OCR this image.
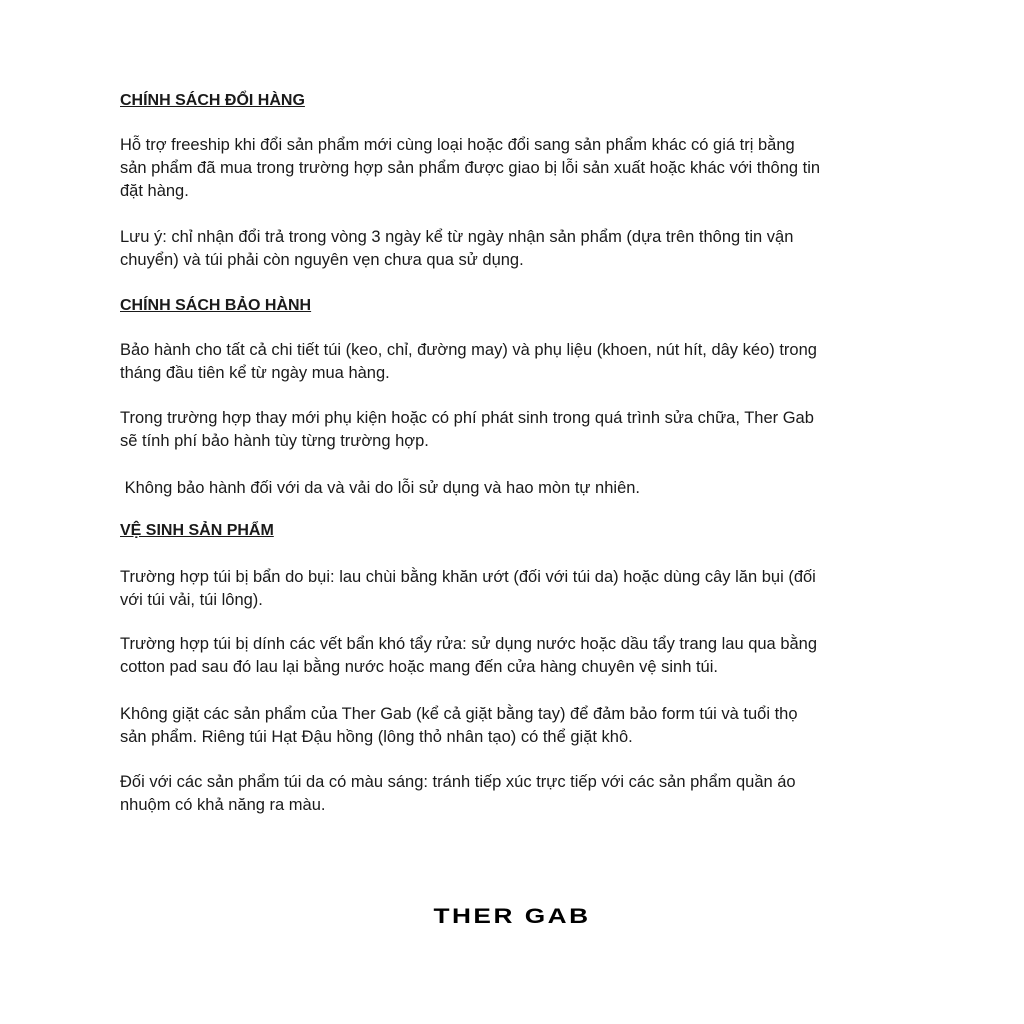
CHÍNH SÁCH ĐỔI HÀNG
Hỗ trợ freeship khi đổi sản phẩm mới cùng loại hoặc đổi sang sản phẩm khác có giá trị bằng
sản phẩm đã mua trong trường hợp sản phẩm được giao bị lỗi sản xuất hoặc khác với thông tin
đặt hàng.
Lưu ý: chỉ nhận đổi trả trong vòng 3 ngày kể từ ngày nhận sản phẩm (dựa trên thông tin vận
chuyển) và túi phải còn nguyên vẹn chưa qua sử dụng.
CHÍNH SÁCH BẢO HÀNH
Bảo hành cho tất cả chi tiết túi (keo, chỉ, đường may) và phụ liệu (khoen, nút hít, dây kéo) trong
tháng đầu tiên kể từ ngày mua hàng.
Trong trường hợp thay mới phụ kiện hoặc có phí phát sinh trong quá trình sửa chữa, Ther Gab
sẽ tính phí bảo hành tùy từng trường hợp.
Không bảo hành đối với da và vải do lỗi sử dụng và hao mòn tự nhiên.
VỆ SINH SẢN PHẨM
Trường hợp túi bị bẩn do bụi: lau chùi bằng khăn ướt (đối với túi da) hoặc dùng cây lăn bụi (đối
với túi vải, túi lông).
Trường hợp túi bị dính các vết bẩn khó tẩy rửa: sử dụng nước hoặc dầu tẩy trang lau qua bằng
cotton pad sau đó lau lại bằng nước hoặc mang đến cửa hàng chuyên vệ sinh túi.
Không giặt các sản phẩm của Ther Gab (kể cả giặt bằng tay) để đảm bảo form túi và tuổi thọ
sản phẩm. Riêng túi Hạt Đậu hồng (lông thỏ nhân tạo) có thể giặt khô.
Đối với các sản phẩm túi da có màu sáng: tránh tiếp xúc trực tiếp với các sản phẩm quần áo
nhuộm có khả năng ra màu.
THER GAB
